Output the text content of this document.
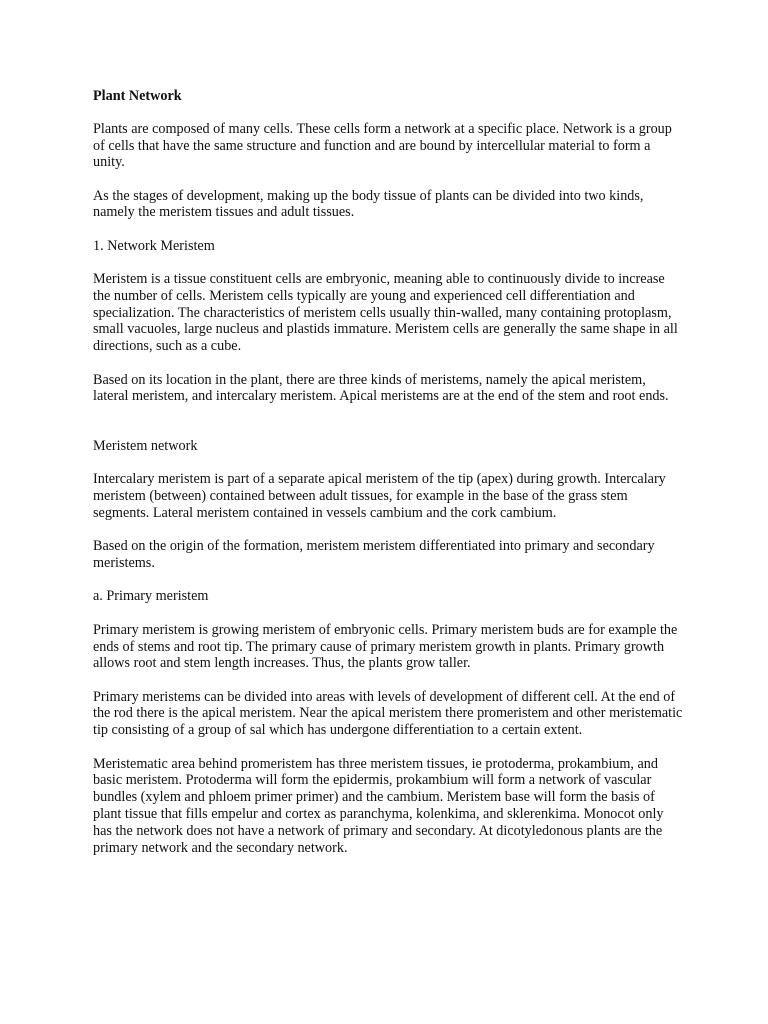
Plant Network

Plants are composed of many cells. These cells form a network at a specific place. Network is a group of cells that have the same structure and function and are bound by intercellular material to form a unity.

As the stages of development, making up the body tissue of plants can be divided into two kinds, namely the meristem tissues and adult tissues.

1. Network Meristem

Meristem is a tissue constituent cells are embryonic, meaning able to continuously divide to increase the number of cells. Meristem cells typically are young and experienced cell differentiation and specialization. The characteristics of meristem cells usually thin-walled, many containing protoplasm, small vacuoles, large nucleus and plastids immature. Meristem cells are generally the same shape in all directions, such as a cube.

Based on its location in the plant, there are three kinds of meristems, namely the apical meristem, lateral meristem, and intercalary meristem. Apical meristems are at the end of the stem and root ends.

Meristem network

Intercalary meristem is part of a separate apical meristem of the tip (apex) during growth. Intercalary meristem (between) contained between adult tissues, for example in the base of the grass stem segments. Lateral meristem contained in vessels cambium and the cork cambium.

Based on the origin of the formation, meristem meristem differentiated into primary and secondary meristems.

a. Primary meristem

Primary meristem is growing meristem of embryonic cells. Primary meristem buds are for example the ends of stems and root tip. The primary cause of primary meristem growth in plants. Primary growth allows root and stem length increases. Thus, the plants grow taller.

Primary meristems can be divided into areas with levels of development of different cell. At the end of the rod there is the apical meristem. Near the apical meristem there promeristem and other meristematic tip consisting of a group of sal which has undergone differentiation to a certain extent.

Meristematic area behind promeristem has three meristem tissues, ie protoderma, prokambium, and basic meristem. Protoderma will form the epidermis, prokambium will form a network of vascular bundles (xylem and phloem primer primer) and the cambium. Meristem base will form the basis of plant tissue that fills empelur and cortex as paranchyma, kolenkima, and sklerenkima. Monocot only has the network does not have a network of primary and secondary. At dicotyledonous plants are the primary network and the secondary network.
